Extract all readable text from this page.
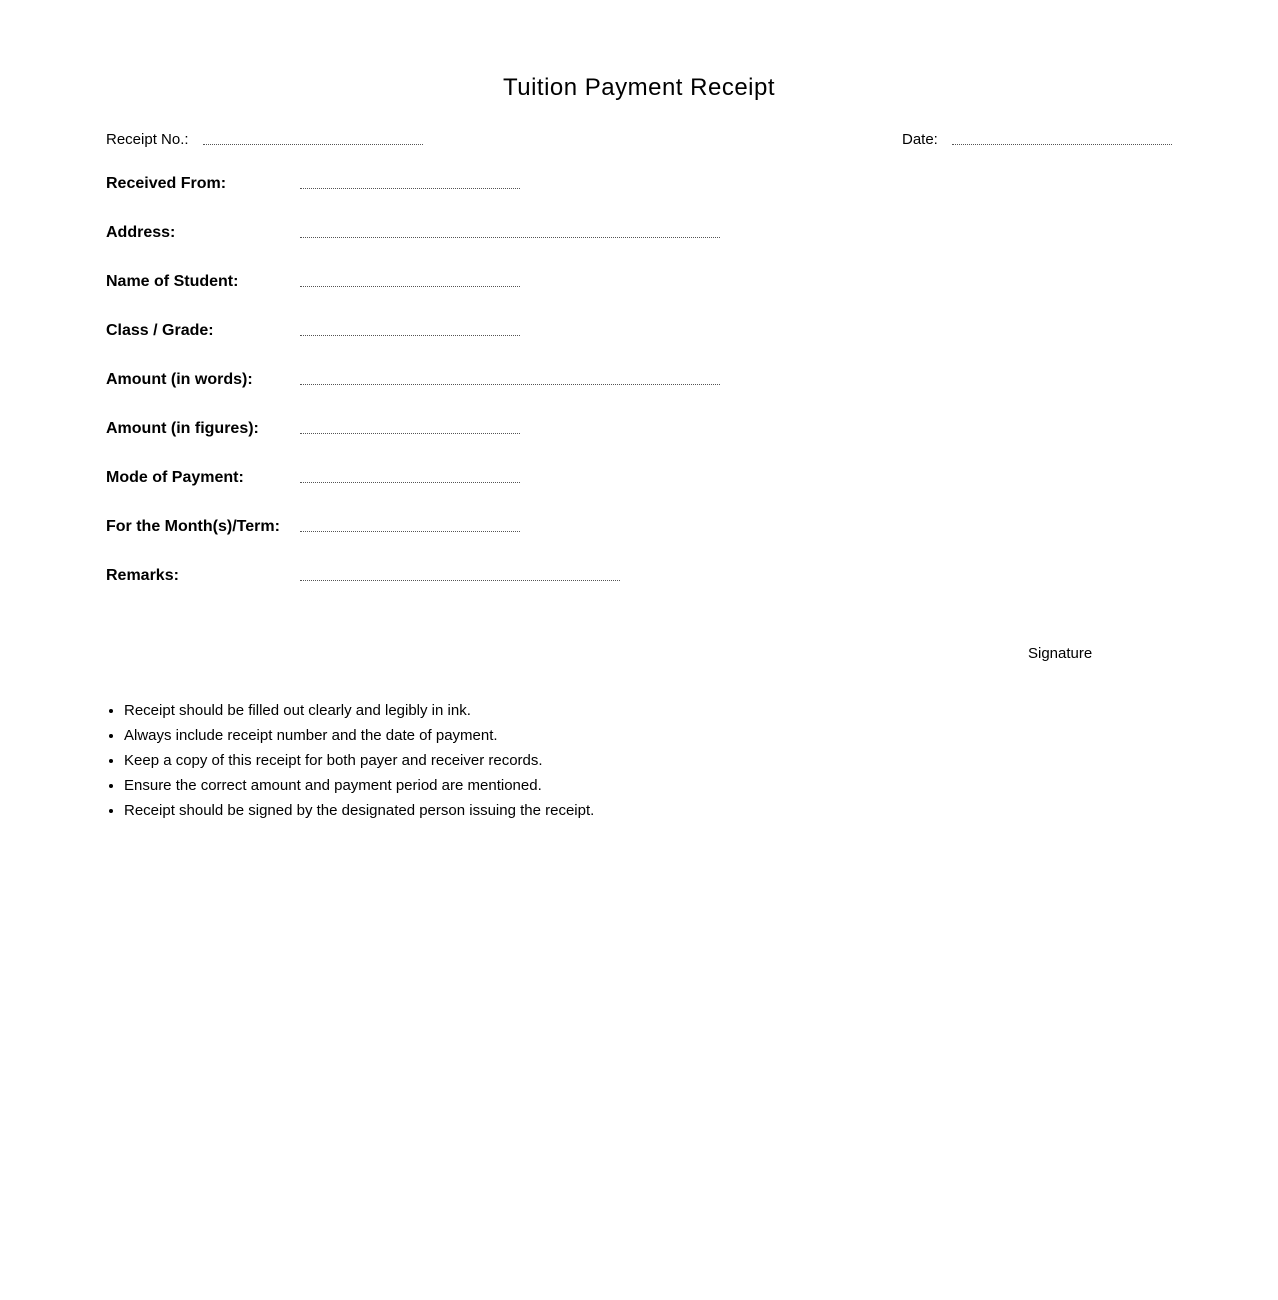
Tuition Payment Receipt
Receipt No.:	Date:
Received From:
Address:
Name of Student:
Class / Grade:
Amount (in words):
Amount (in figures):
Mode of Payment:
For the Month(s)/Term:
Remarks:
Signature
• Receipt should be filled out clearly and legibly in ink.
• Always include receipt number and the date of payment.
• Keep a copy of this receipt for both payer and receiver records.
• Ensure the correct amount and payment period are mentioned.
• Receipt should be signed by the designated person issuing the receipt.
